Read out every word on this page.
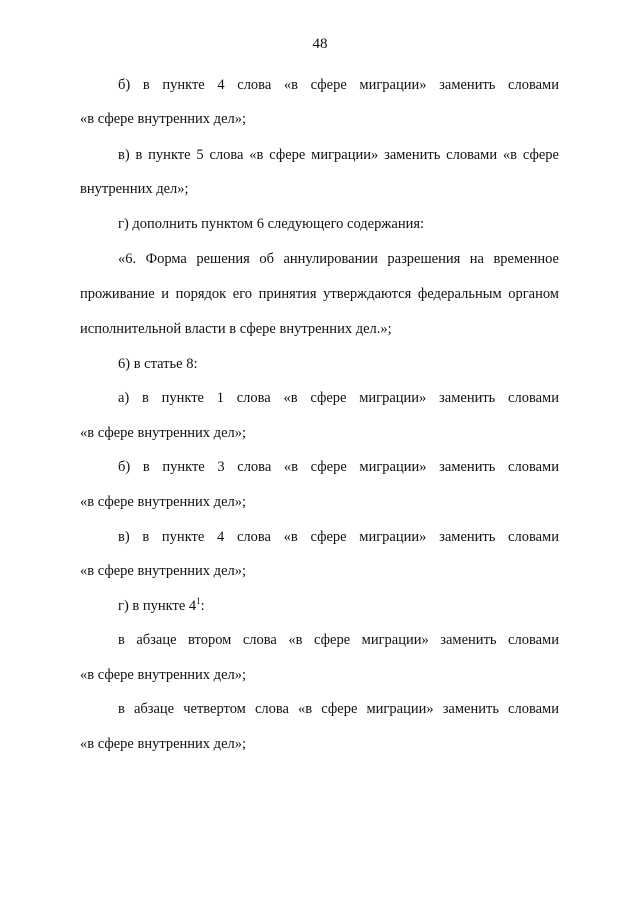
48
б) в пункте 4 слова «в сфере миграции» заменить словами
«в сфере внутренних дел»;
в) в пункте 5 слова «в сфере миграции» заменить словами «в сфере
внутренних дел»;
г) дополнить пунктом 6 следующего содержания:
«6. Форма решения об аннулировании разрешения на временное
проживание и порядок его принятия утверждаются федеральным органом
исполнительной власти в сфере внутренних дел.»;
6) в статье 8:
а) в пункте 1 слова «в сфере миграции» заменить словами
«в сфере внутренних дел»;
б) в пункте 3 слова «в сфере миграции» заменить словами
«в сфере внутренних дел»;
в) в пункте 4 слова «в сфере миграции» заменить словами
«в сфере внутренних дел»;
г) в пункте $4^1$:
в абзаце втором слова «в сфере миграции» заменить словами
«в сфере внутренних дел»;
в абзаце четвертом слова «в сфере миграции» заменить словами
«в сфере внутренних дел»;
